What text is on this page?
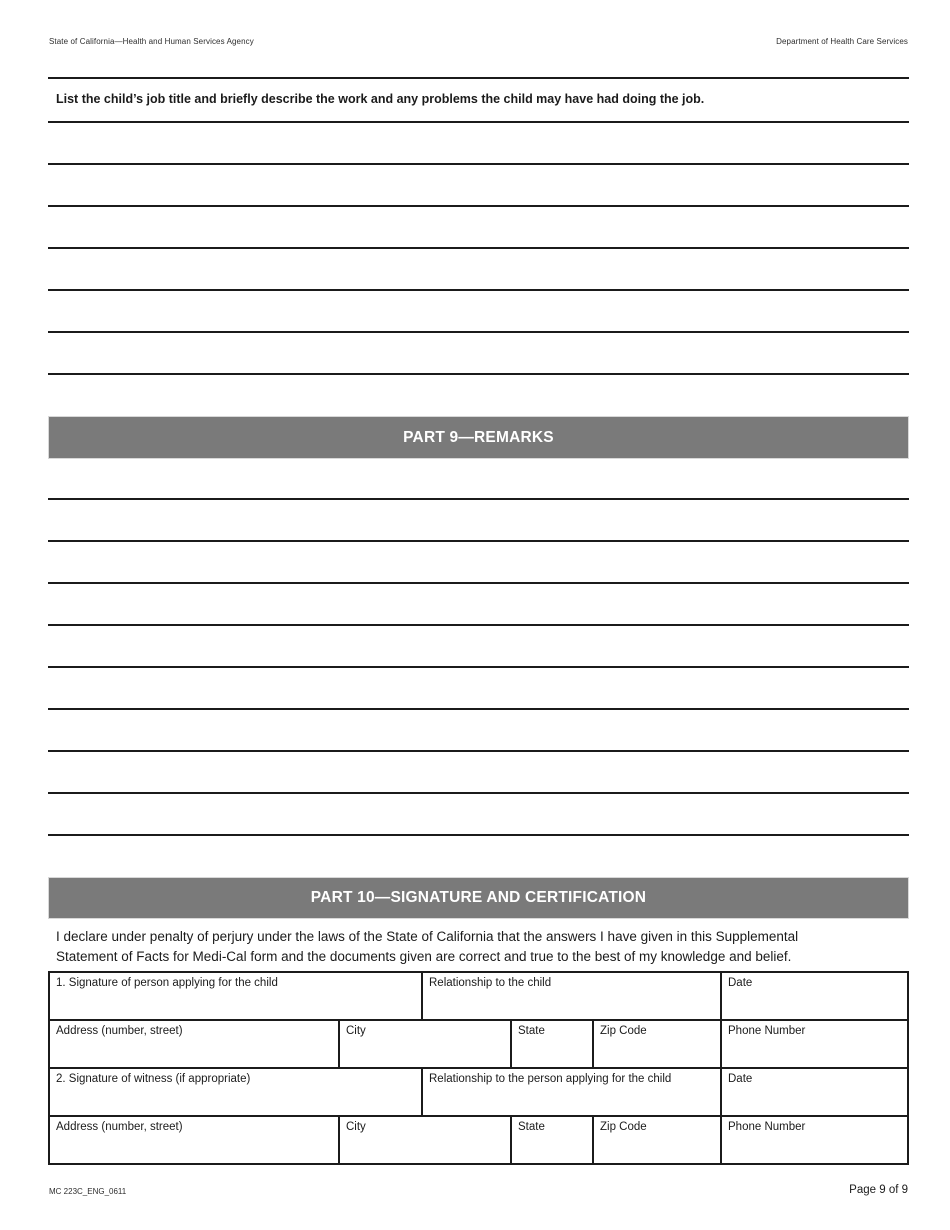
State of California—Health and Human Services Agency	Department of Health Care Services
List the child’s job title and briefly describe the work and any problems the child may have had doing the job.
PART 9—REMARKS
PART 10—SIGNATURE AND CERTIFICATION
I declare under penalty of perjury under the laws of the State of California that the answers I have given in this Supplemental
Statement of Facts for Medi-Cal form and the documents given are correct and true to the best of my knowledge and belief.
1. Signature of person applying for the child	Relationship to the child	Date
Address (number, street)	City	State	Zip Code	Phone Number
2. Signature of witness (if appropriate)	Relationship to the person applying for the child	Date
Address (number, street)	City	State	Zip Code	Phone Number
MC 223C_ENG_0611	Page 9 of 9
